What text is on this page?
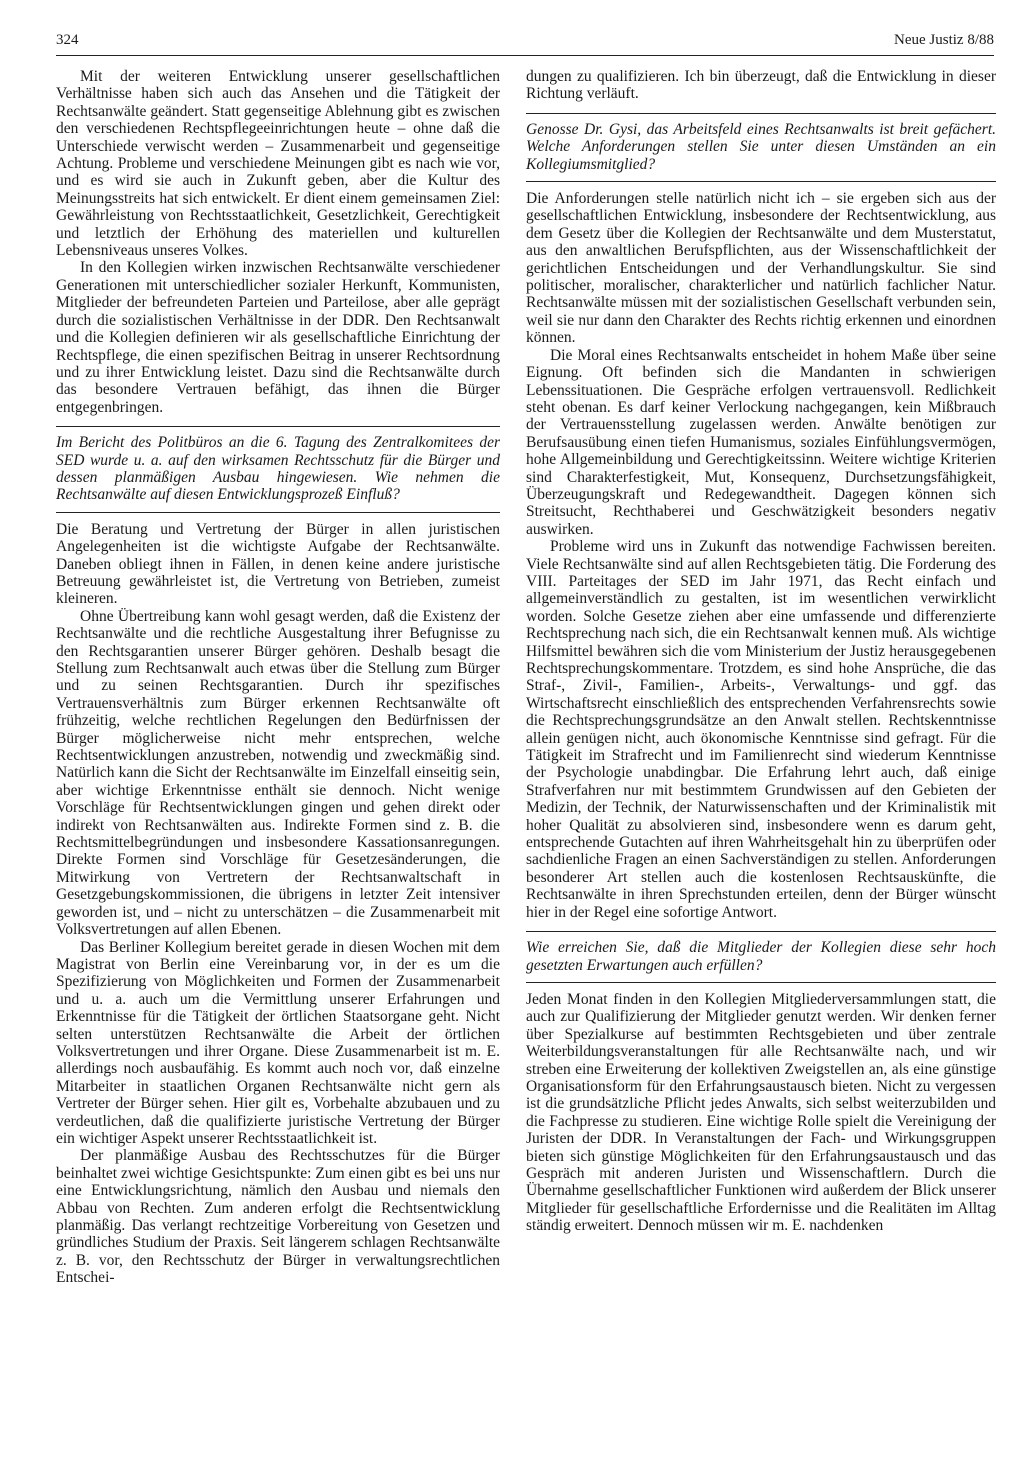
324	Neue Justiz 8/88

Mit der weiteren Entwicklung unserer gesellschaftlichen Verhältnisse haben sich auch das Ansehen und die Tätigkeit der Rechtsanwälte geändert. Statt gegenseitige Ablehnung gibt es zwischen den verschiedenen Rechtspflegeeinrichtungen heute – ohne daß die Unterschiede verwischt werden – Zusammenarbeit und gegenseitige Achtung. Probleme und verschiedene Meinungen gibt es nach wie vor, und es wird sie auch in Zukunft geben, aber die Kultur des Meinungsstreits hat sich entwickelt. Er dient einem gemeinsamen Ziel: Gewährleistung von Rechtsstaatlichkeit, Gesetzlichkeit, Gerechtigkeit und letztlich der Erhöhung des materiellen und kulturellen Lebensniveaus unseres Volkes.

In den Kollegien wirken inzwischen Rechtsanwälte verschiedener Generationen mit unterschiedlicher sozialer Herkunft, Kommunisten, Mitglieder der befreundeten Parteien und Parteilose, aber alle geprägt durch die sozialistischen Verhältnisse in der DDR. Den Rechtsanwalt und die Kollegien definieren wir als gesellschaftliche Einrichtung der Rechtspflege, die einen spezifischen Beitrag in unserer Rechtsordnung und zu ihrer Entwicklung leistet. Dazu sind die Rechtsanwälte durch das besondere Vertrauen befähigt, das ihnen die Bürger entgegenbringen.

Im Bericht des Politbüros an die 6. Tagung des Zentralkomitees der SED wurde u. a. auf den wirksamen Rechtsschutz für die Bürger und dessen planmäßigen Ausbau hingewiesen. Wie nehmen die Rechtsanwälte auf diesen Entwicklungsprozeß Einfluß?

Die Beratung und Vertretung der Bürger in allen juristischen Angelegenheiten ist die wichtigste Aufgabe der Rechtsanwälte. Daneben obliegt ihnen in Fällen, in denen keine andere juristische Betreuung gewährleistet ist, die Vertretung von Betrieben, zumeist kleineren.

Ohne Übertreibung kann wohl gesagt werden, daß die Existenz der Rechtsanwälte und die rechtliche Ausgestaltung ihrer Befugnisse zu den Rechtsgarantien unserer Bürger gehören. Deshalb besagt die Stellung zum Rechtsanwalt auch etwas über die Stellung zum Bürger und zu seinen Rechtsgarantien. Durch ihr spezifisches Vertrauensverhältnis zum Bürger erkennen Rechtsanwälte oft frühzeitig, welche rechtlichen Regelungen den Bedürfnissen der Bürger möglicherweise nicht mehr entsprechen, welche Rechtsentwicklungen anzustreben, notwendig und zweckmäßig sind. Natürlich kann die Sicht der Rechtsanwälte im Einzelfall einseitig sein, aber wichtige Erkenntnisse enthält sie dennoch. Nicht wenige Vorschläge für Rechtsentwicklungen gingen und gehen direkt oder indirekt von Rechtsanwälten aus. Indirekte Formen sind z. B. die Rechtsmittelbegründungen und insbesondere Kassationsanregungen. Direkte Formen sind Vorschläge für Gesetzesänderungen, die Mitwirkung von Vertretern der Rechtsanwaltschaft in Gesetzgebungskommissionen, die übrigens in letzter Zeit intensiver geworden ist, und – nicht zu unterschätzen – die Zusammenarbeit mit Volksvertretungen auf allen Ebenen.

Das Berliner Kollegium bereitet gerade in diesen Wochen mit dem Magistrat von Berlin eine Vereinbarung vor, in der es um die Spezifizierung von Möglichkeiten und Formen der Zusammenarbeit und u. a. auch um die Vermittlung unserer Erfahrungen und Erkenntnisse für die Tätigkeit der örtlichen Staatsorgane geht. Nicht selten unterstützen Rechtsanwälte die Arbeit der örtlichen Volksvertretungen und ihrer Organe. Diese Zusammenarbeit ist m. E. allerdings noch ausbaufähig. Es kommt auch noch vor, daß einzelne Mitarbeiter in staatlichen Organen Rechtsanwälte nicht gern als Vertreter der Bürger sehen. Hier gilt es, Vorbehalte abzubauen und zu verdeutlichen, daß die qualifizierte juristische Vertretung der Bürger ein wichtiger Aspekt unserer Rechtsstaatlichkeit ist.

Der planmäßige Ausbau des Rechtsschutzes für die Bürger beinhaltet zwei wichtige Gesichtspunkte: Zum einen gibt es bei uns nur eine Entwicklungsrichtung, nämlich den Ausbau und niemals den Abbau von Rechten. Zum anderen erfolgt die Rechtsentwicklung planmäßig. Das verlangt rechtzeitige Vorbereitung von Gesetzen und gründliches Studium der Praxis. Seit längerem schlagen Rechtsanwälte z. B. vor, den Rechtsschutz der Bürger in verwaltungsrechtlichen Entschei-

dungen zu qualifizieren. Ich bin überzeugt, daß die Entwicklung in dieser Richtung verläuft.

Genosse Dr. Gysi, das Arbeitsfeld eines Rechtsanwalts ist breit gefächert. Welche Anforderungen stellen Sie unter diesen Umständen an ein Kollegiumsmitglied?

Die Anforderungen stelle natürlich nicht ich – sie ergeben sich aus der gesellschaftlichen Entwicklung, insbesondere der Rechtsentwicklung, aus dem Gesetz über die Kollegien der Rechtsanwälte und dem Musterstatut, aus den anwaltlichen Berufspflichten, aus der Wissenschaftlichkeit der gerichtlichen Entscheidungen und der Verhandlungskultur. Sie sind politischer, moralischer, charakterlicher und natürlich fachlicher Natur. Rechtsanwälte müssen mit der sozialistischen Gesellschaft verbunden sein, weil sie nur dann den Charakter des Rechts richtig erkennen und einordnen können.

Die Moral eines Rechtsanwalts entscheidet in hohem Maße über seine Eignung. Oft befinden sich die Mandanten in schwierigen Lebenssituationen. Die Gespräche erfolgen vertrauensvoll. Redlichkeit steht obenan. Es darf keiner Verlockung nachgegangen, kein Mißbrauch der Vertrauensstellung zugelassen werden. Anwälte benötigen zur Berufsausübung einen tiefen Humanismus, soziales Einfühlungsvermögen, hohe Allgemeinbildung und Gerechtigkeitssinn. Weitere wichtige Kriterien sind Charakterfestigkeit, Mut, Konsequenz, Durchsetzungsfähigkeit, Überzeugungskraft und Redegewandtheit. Dagegen können sich Streitsucht, Rechthaberei und Geschwätzigkeit besonders negativ auswirken.

Probleme wird uns in Zukunft das notwendige Fachwissen bereiten. Viele Rechtsanwälte sind auf allen Rechtsgebieten tätig. Die Forderung des VIII. Parteitages der SED im Jahr 1971, das Recht einfach und allgemeinverständlich zu gestalten, ist im wesentlichen verwirklicht worden. Solche Gesetze ziehen aber eine umfassende und differenzierte Rechtsprechung nach sich, die ein Rechtsanwalt kennen muß. Als wichtige Hilfsmittel bewähren sich die vom Ministerium der Justiz herausgegebenen Rechtsprechungskommentare. Trotzdem, es sind hohe Ansprüche, die das Straf-, Zivil-, Familien-, Arbeits-, Verwaltungs- und ggf. das Wirtschaftsrecht einschließlich des entsprechenden Verfahrensrechts sowie die Rechtsprechungsgrundsätze an den Anwalt stellen. Rechtskenntnisse allein genügen nicht, auch ökonomische Kenntnisse sind gefragt. Für die Tätigkeit im Strafrecht und im Familienrecht sind wiederum Kenntnisse der Psychologie unabdingbar. Die Erfahrung lehrt auch, daß einige Strafverfahren nur mit bestimmtem Grundwissen auf den Gebieten der Medizin, der Technik, der Naturwissenschaften und der Kriminalistik mit hoher Qualität zu absolvieren sind, insbesondere wenn es darum geht, entsprechende Gutachten auf ihren Wahrheitsgehalt hin zu überprüfen oder sachdienliche Fragen an einen Sachverständigen zu stellen. Anforderungen besonderer Art stellen auch die kostenlosen Rechtsauskünfte, die Rechtsanwälte in ihren Sprechstunden erteilen, denn der Bürger wünscht hier in der Regel eine sofortige Antwort.

Wie erreichen Sie, daß die Mitglieder der Kollegien diese sehr hoch gesetzten Erwartungen auch erfüllen?

Jeden Monat finden in den Kollegien Mitgliederversammlungen statt, die auch zur Qualifizierung der Mitglieder genutzt werden. Wir denken ferner über Spezialkurse auf bestimmten Rechtsgebieten und über zentrale Weiterbildungsveranstaltungen für alle Rechtsanwälte nach, und wir streben eine Erweiterung der kollektiven Zweigstellen an, als eine günstige Organisationsform für den Erfahrungsaustausch bieten. Nicht zu vergessen ist die grundsätzliche Pflicht jedes Anwalts, sich selbst weiterzubilden und die Fachpresse zu studieren. Eine wichtige Rolle spielt die Vereinigung der Juristen der DDR. In Veranstaltungen der Fach- und Wirkungsgruppen bieten sich günstige Möglichkeiten für den Erfahrungsaustausch und das Gespräch mit anderen Juristen und Wissenschaftlern. Durch die Übernahme gesellschaftlicher Funktionen wird außerdem der Blick unserer Mitglieder für gesellschaftliche Erfordernisse und die Realitäten im Alltag ständig erweitert. Dennoch müssen wir m. E. nachdenken
